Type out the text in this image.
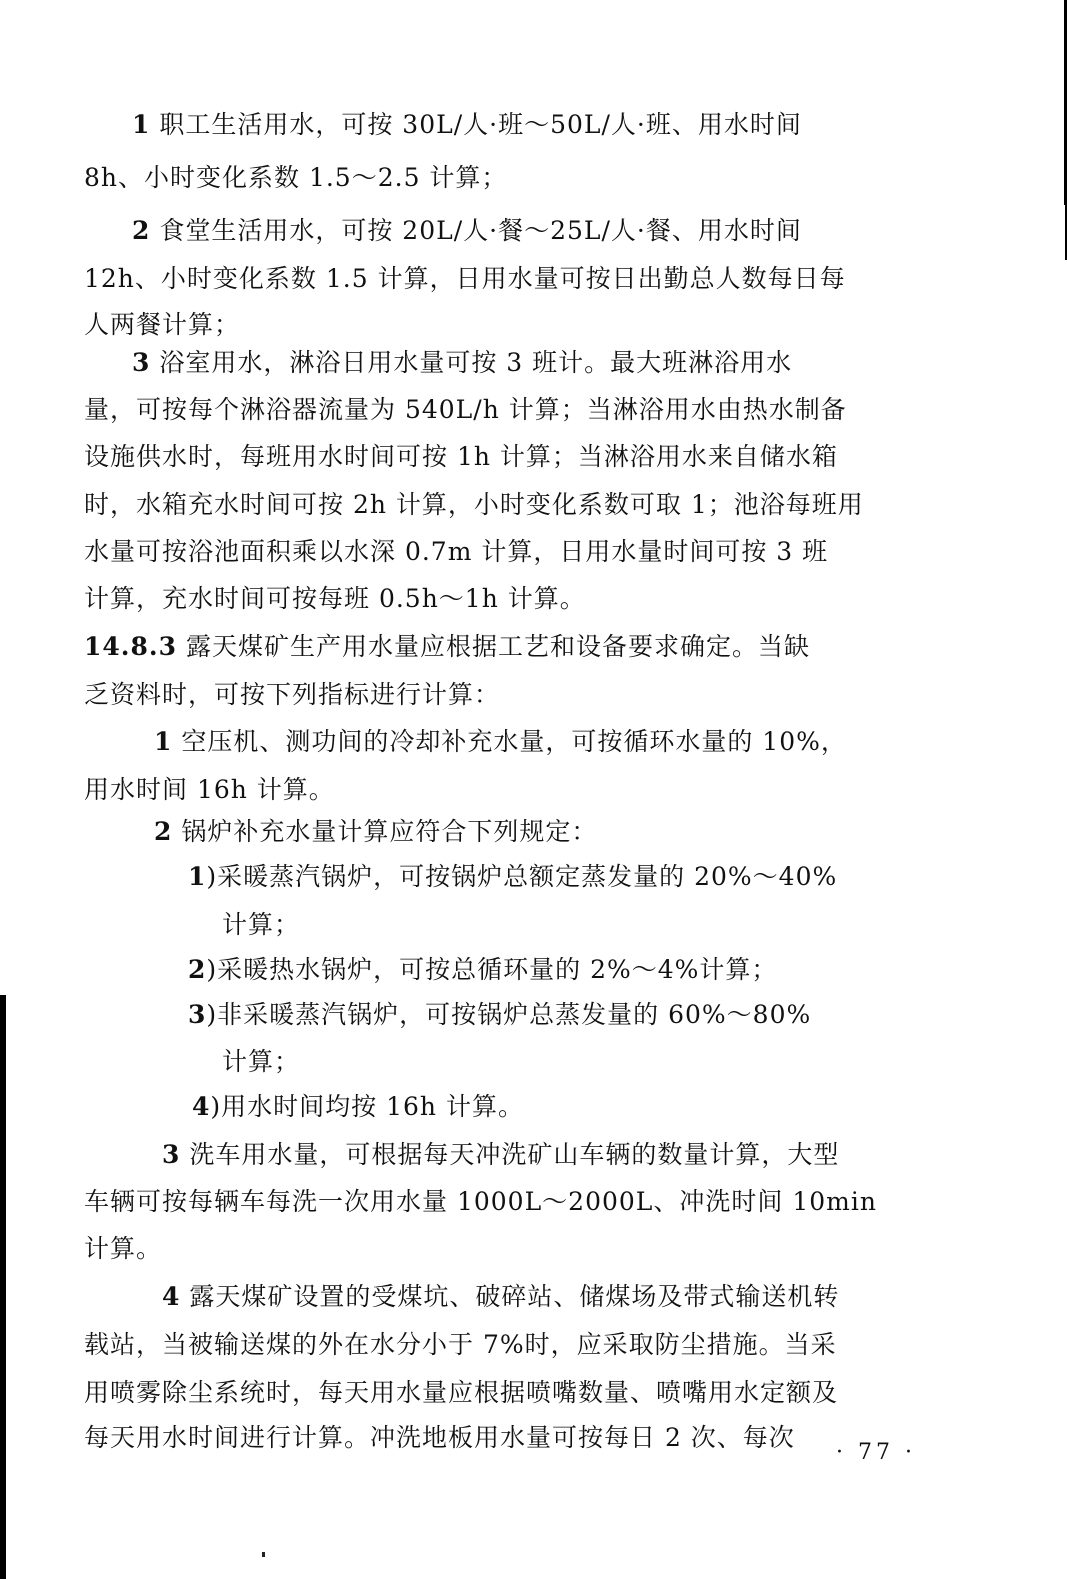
1 职工生活用水，可按 30L/人·班～50L/人·班、用水时间
8h、小时变化系数 1.5～2.5 计算；
2 食堂生活用水，可按 20L/人·餐～25L/人·餐、用水时间
12h、小时变化系数 1.5 计算，日用水量可按日出勤总人数每日每
人两餐计算；
3 浴室用水，淋浴日用水量可按 3 班计。最大班淋浴用水
量，可按每个淋浴器流量为 540L/h 计算；当淋浴用水由热水制备
设施供水时，每班用水时间可按 1h 计算；当淋浴用水来自储水箱
时，水箱充水时间可按 2h 计算，小时变化系数可取 1；池浴每班用
水量可按浴池面积乘以水深 0.7m 计算，日用水量时间可按 3 班
计算，充水时间可按每班 0.5h～1h 计算。
14.8.3 露天煤矿生产用水量应根据工艺和设备要求确定。当缺
乏资料时，可按下列指标进行计算：
1 空压机、测功间的冷却补充水量，可按循环水量的 10%，
用水时间 16h 计算。
2 锅炉补充水量计算应符合下列规定：
1)采暖蒸汽锅炉，可按锅炉总额定蒸发量的 20%～40%
计算；
2)采暖热水锅炉，可按总循环量的 2%～4%计算；
3)非采暖蒸汽锅炉，可按锅炉总蒸发量的 60%～80%
计算；
4)用水时间均按 16h 计算。
3 洗车用水量，可根据每天冲洗矿山车辆的数量计算，大型
车辆可按每辆车每洗一次用水量 1000L～2000L、冲洗时间 10min
计算。
4 露天煤矿设置的受煤坑、破碎站、储煤场及带式输送机转
载站，当被输送煤的外在水分小于 7%时，应采取防尘措施。当采
用喷雾除尘系统时，每天用水量应根据喷嘴数量、喷嘴用水定额及
每天用水时间进行计算。冲洗地板用水量可按每日 2 次、每次
· 77 ·
